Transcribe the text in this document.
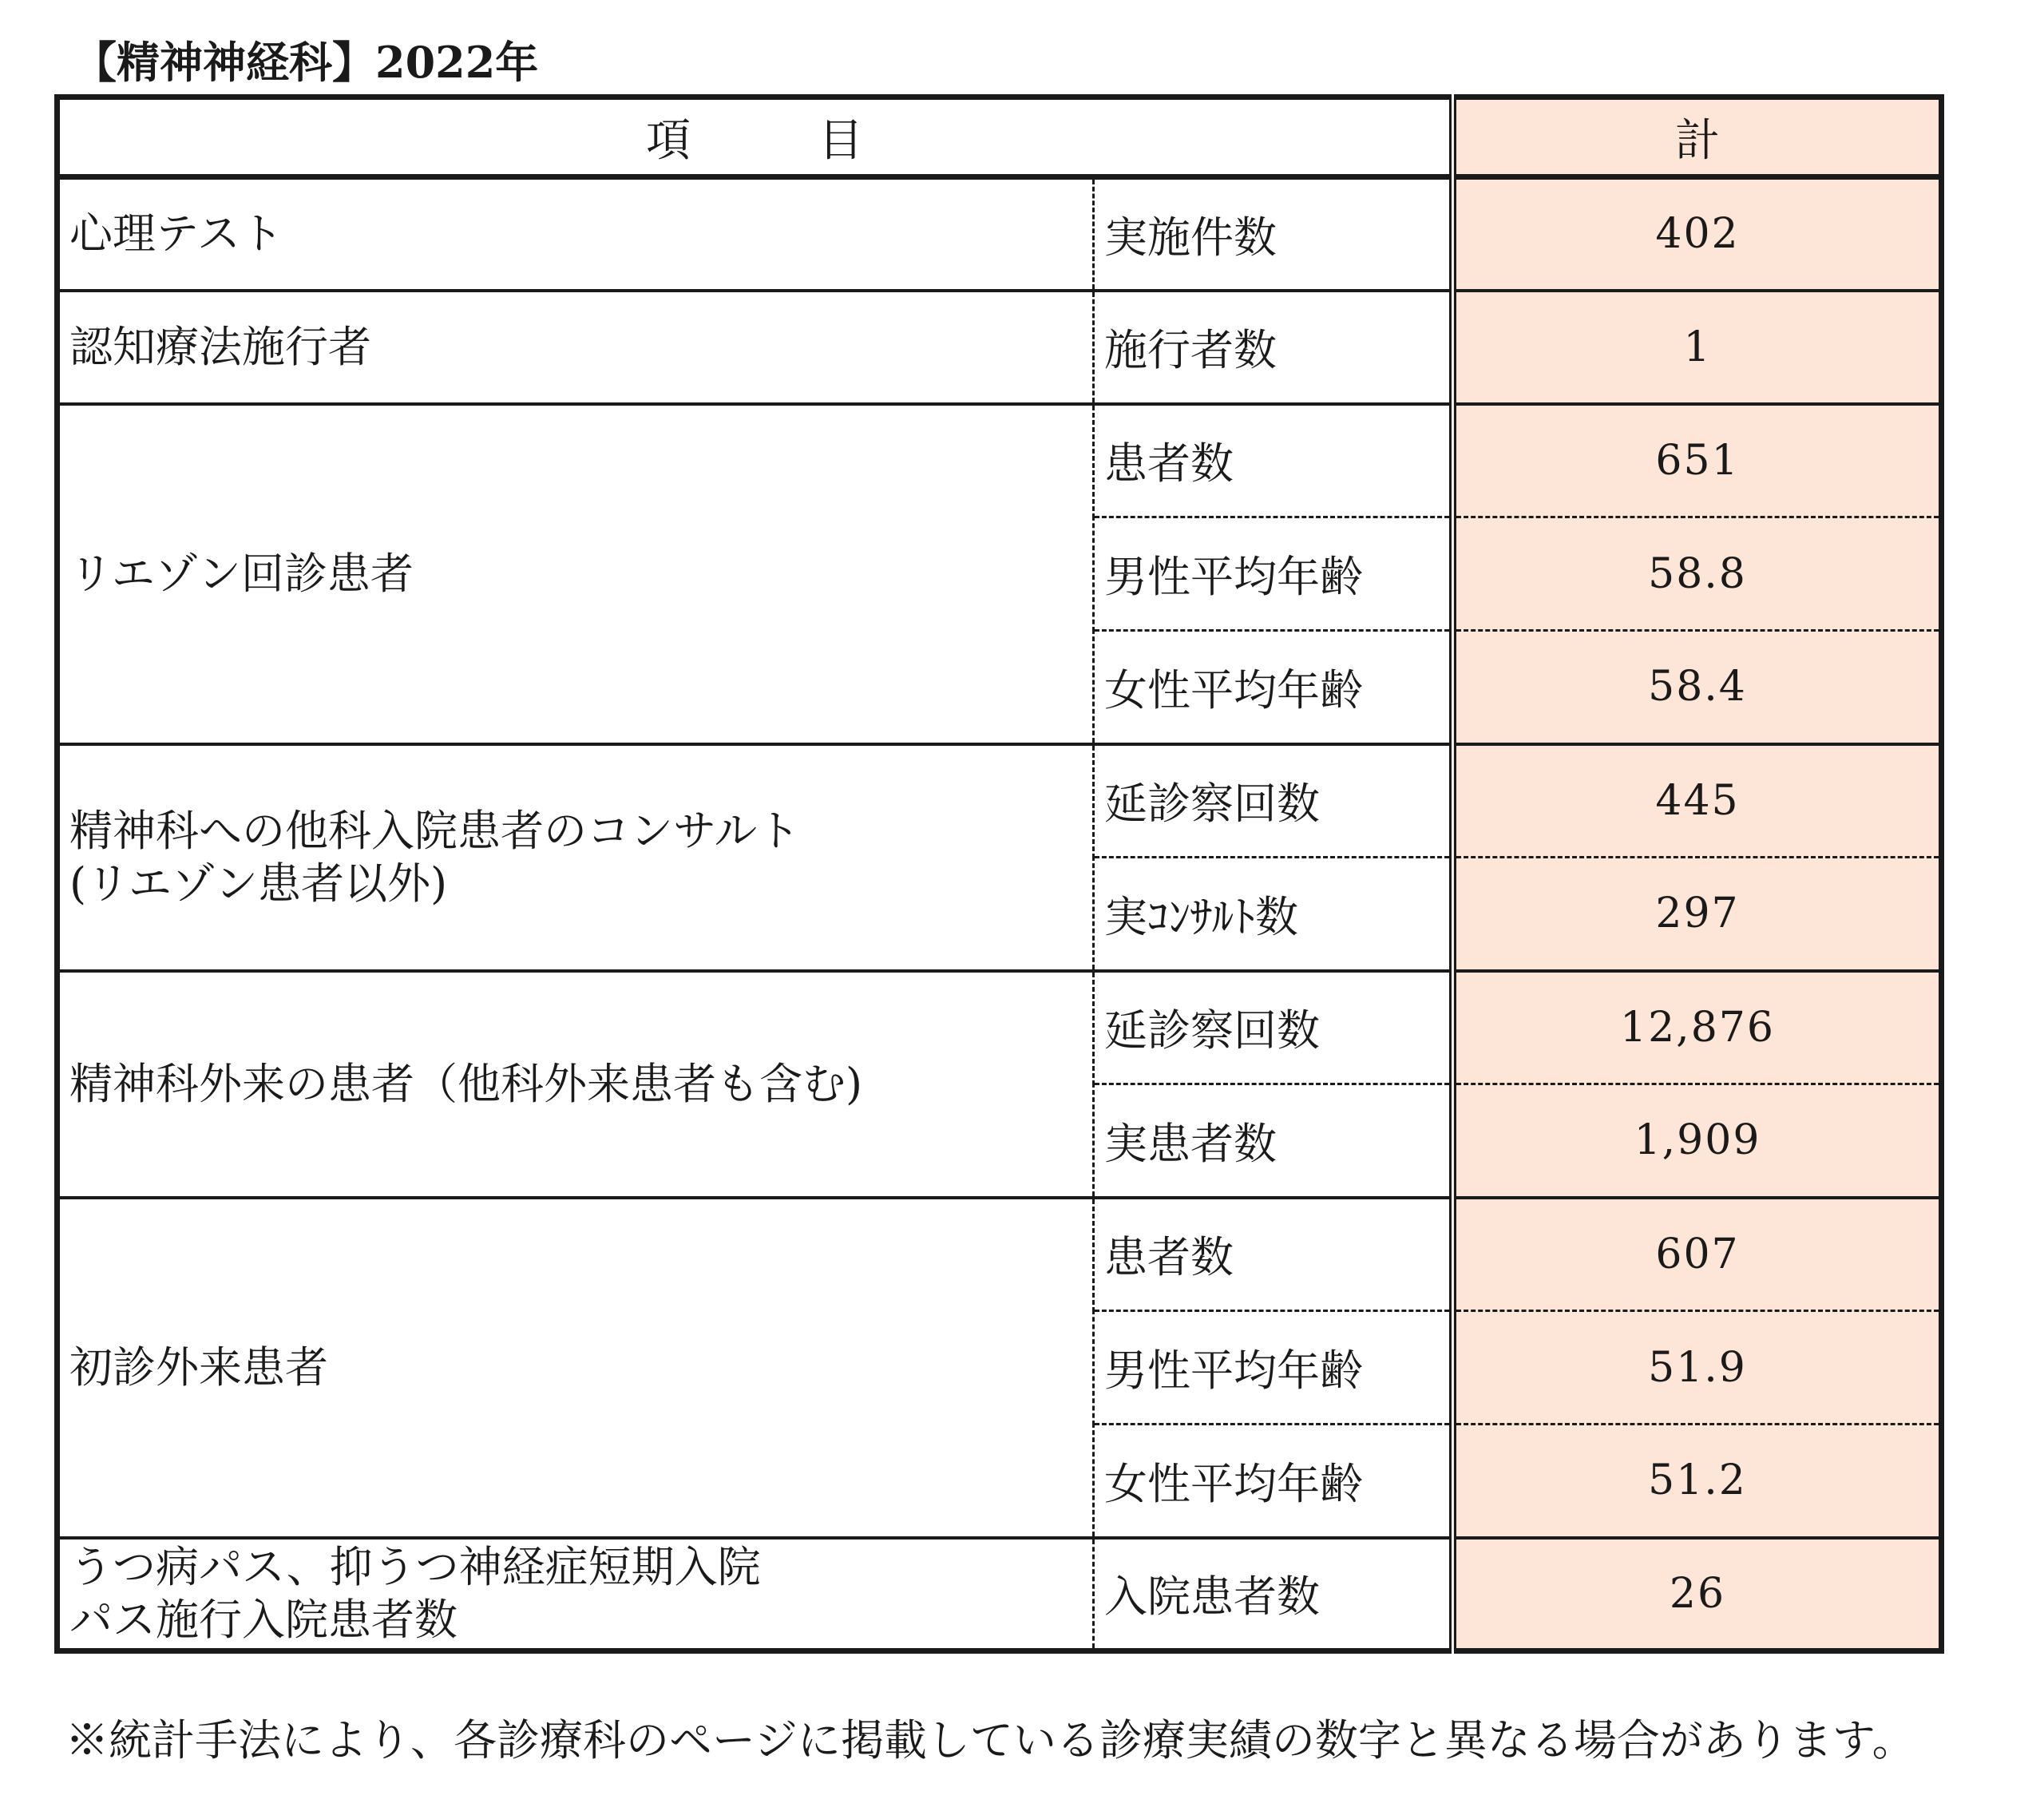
【精神神経科】2022年
項目		計

心理テスト	実施件数	402

認知療法施行者	施行者数	1

リエゾン回診患者	患者数	651
	男性平均年齢	58.8
	女性平均年齢	58.4

精神科への他科入院患者のコンサルト
(リエゾン患者以外)	延診察回数	445
	実ｺﾝｻﾙﾄ数	297

精神科外来の患者（他科外来患者も含む)	延診察回数	12,876
	実患者数	1,909

初診外来患者	患者数	607
	男性平均年齢	51.9
	女性平均年齢	51.2

うつ病パス、抑うつ神経症短期入院
パス施行入院患者数	入院患者数	26
※統計手法により、各診療科のページに掲載している診療実績の数字と異なる場合があります。
